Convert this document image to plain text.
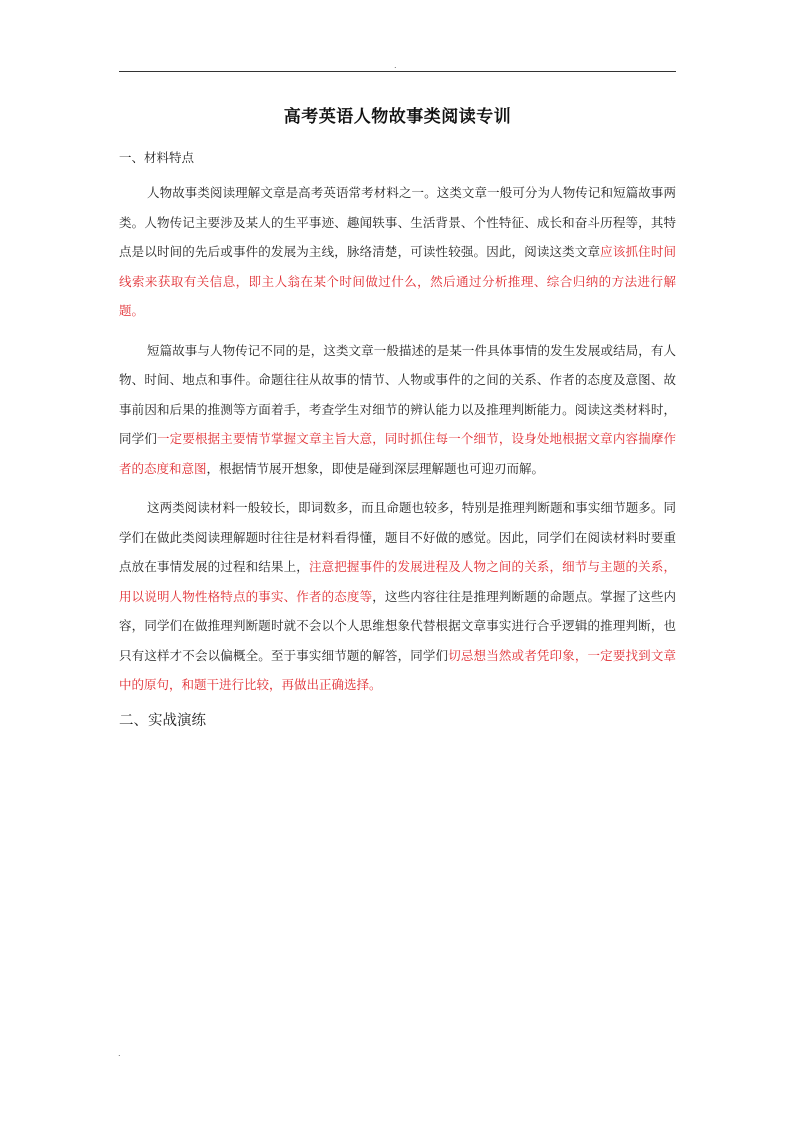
.
高考英语人物故事类阅读专训
一、材料特点

人物故事类阅读理解文章是高考英语常考材料之一。这类文章一般可分为人物传记和短篇故事两类。人物传记主要涉及某人的生平事迹、趣闻轶事、生活背景、个性特征、成长和奋斗历程等，其特点是以时间的先后或事件的发展为主线，脉络清楚，可读性较强。因此，阅读这类文章应该抓住时间线索来获取有关信息，即主人翁在某个时间做过什么，然后通过分析推理、综合归纳的方法进行解题。

短篇故事与人物传记不同的是，这类文章一般描述的是某一件具体事情的发生发展或结局，有人物、时间、地点和事件。命题往往从故事的情节、人物或事件的之间的关系、作者的态度及意图、故事前因和后果的推测等方面着手，考查学生对细节的辨认能力以及推理判断能力。阅读这类材料时，同学们一定要根据主要情节掌握文章主旨大意，同时抓住每一个细节，设身处地根据文章内容揣摩作者的态度和意图，根据情节展开想象，即使是碰到深层理解题也可迎刃而解。

这两类阅读材料一般较长，即词数多，而且命题也较多，特别是推理判断题和事实细节题多。同学们在做此类阅读理解题时往往是材料看得懂，题目不好做的感觉。因此，同学们在阅读材料时要重点放在事情发展的过程和结果上，注意把握事件的发展进程及人物之间的关系，细节与主题的关系，用以说明人物性格特点的事实、作者的态度等，这些内容往往是推理判断题的命题点。掌握了这些内容，同学们在做推理判断题时就不会以个人思维想象代替根据文章事实进行合乎逻辑的推理判断，也只有这样才不会以偏概全。至于事实细节题的解答，同学们切忌想当然或者凭印象，一定要找到文章中的原句，和题干进行比较，再做出正确选择。

二、实战演练
.
